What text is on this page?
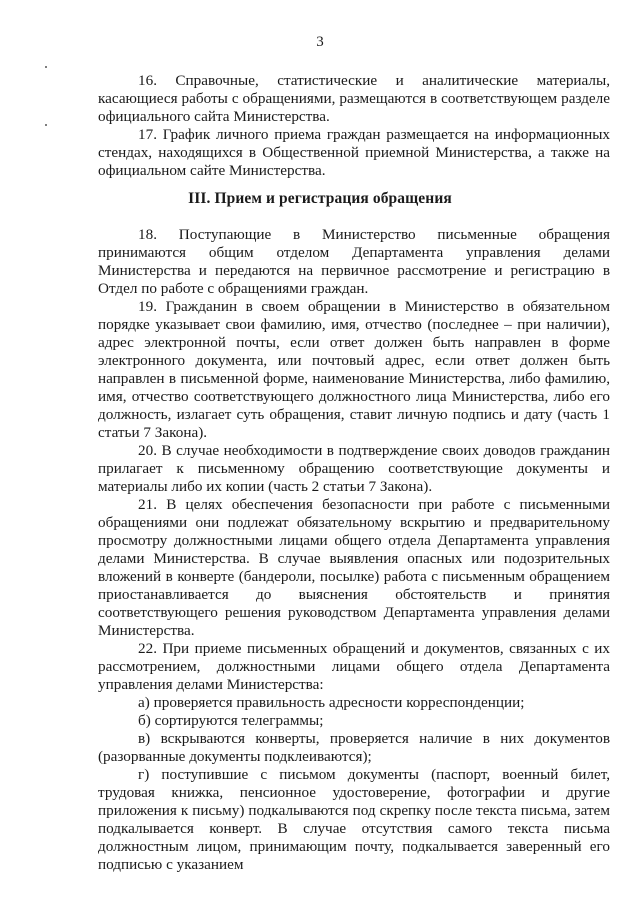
3

16. Справочные, статистические и аналитические материалы, касающиеся работы с обращениями, размещаются в соответствующем разделе официального сайта Министерства.

17. График личного приема граждан размещается на информационных стендах, находящихся в Общественной приемной Министерства, а также на официальном сайте Министерства.

III. Прием и регистрация обращения

18. Поступающие в Министерство письменные обращения принимаются общим отделом Департамента управления делами Министерства и передаются на первичное рассмотрение и регистрацию в Отдел по работе с обращениями граждан.

19. Гражданин в своем обращении в Министерство в обязательном порядке указывает свои фамилию, имя, отчество (последнее – при наличии), адрес электронной почты, если ответ должен быть направлен в форме электронного документа, или почтовый адрес, если ответ должен быть направлен в письменной форме, наименование Министерства, либо фамилию, имя, отчество соответствующего должностного лица Министерства, либо его должность, излагает суть обращения, ставит личную подпись и дату (часть 1 статьи 7 Закона).

20. В случае необходимости в подтверждение своих доводов гражданин прилагает к письменному обращению соответствующие документы и материалы либо их копии (часть 2 статьи 7 Закона).

21. В целях обеспечения безопасности при работе с письменными обращениями они подлежат обязательному вскрытию и предварительному просмотру должностными лицами общего отдела Департамента управления делами Министерства. В случае выявления опасных или подозрительных вложений в конверте (бандероли, посылке) работа с письменным обращением приостанавливается до выяснения обстоятельств и принятия соответствующего решения руководством Департамента управления делами Министерства.

22. При приеме письменных обращений и документов, связанных с их рассмотрением, должностными лицами общего отдела Департамента управления делами Министерства:

а) проверяется правильность адресности корреспонденции;

б) сортируются телеграммы;

в) вскрываются конверты, проверяется наличие в них документов (разорванные документы подклеиваются);

г) поступившие с письмом документы (паспорт, военный билет, трудовая книжка, пенсионное удостоверение, фотографии и другие приложения к письму) подкалываются под скрепку после текста письма, затем подкалывается конверт. В случае отсутствия самого текста письма должностным лицом, принимающим почту, подкалывается заверенный его подписью с указанием
